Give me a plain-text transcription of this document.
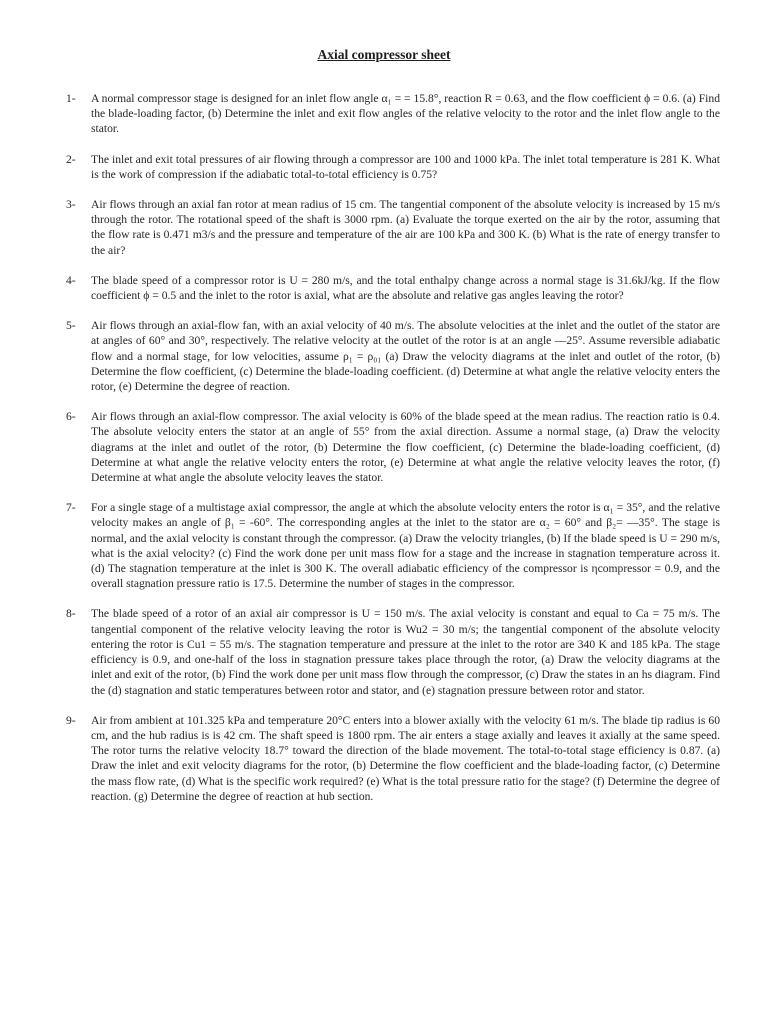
Axial compressor sheet
1- A normal compressor stage is designed for an inlet flow angle α₁ = = 15.8°, reaction R = 0.63, and the flow coefficient ϕ = 0.6. (a) Find the blade-loading factor, (b) Determine the inlet and exit flow angles of the relative velocity to the rotor and the inlet flow angle to the stator.
2- The inlet and exit total pressures of air flowing through a compressor are 100 and 1000 kPa. The inlet total temperature is 281 K. What is the work of compression if the adiabatic total-to-total efficiency is 0.75?
3- Air flows through an axial fan rotor at mean radius of 15 cm. The tangential component of the absolute velocity is increased by 15 m/s through the rotor. The rotational speed of the shaft is 3000 rpm. (a) Evaluate the torque exerted on the air by the rotor, assuming that the flow rate is 0.471 m3/s and the pressure and temperature of the air are 100 kPa and 300 K. (b) What is the rate of energy transfer to the air?
4- The blade speed of a compressor rotor is U = 280 m/s, and the total enthalpy change across a normal stage is 31.6kJ/kg. If the flow coefficient ϕ = 0.5 and the inlet to the rotor is axial, what are the absolute and relative gas angles leaving the rotor?
5- Air flows through an axial-flow fan, with an axial velocity of 40 m/s. The absolute velocities at the inlet and the outlet of the stator are at angles of 60° and 30°, respectively. The relative velocity at the outlet of the rotor is at an angle —25°. Assume reversible adiabatic flow and a normal stage, for low velocities, assume ρ₁ = ρ₀₁ (a) Draw the velocity diagrams at the inlet and outlet of the rotor, (b) Determine the flow coefficient, (c) Determine the blade-loading coefficient. (d) Determine at what angle the relative velocity enters the rotor, (e) Determine the degree of reaction.
6- Air flows through an axial-flow compressor. The axial velocity is 60% of the blade speed at the mean radius. The reaction ratio is 0.4. The absolute velocity enters the stator at an angle of 55° from the axial direction. Assume a normal stage, (a) Draw the velocity diagrams at the inlet and outlet of the rotor, (b) Determine the flow coefficient, (c) Determine the blade-loading coefficient, (d) Determine at what angle the relative velocity enters the rotor, (e) Determine at what angle the relative velocity leaves the rotor, (f) Determine at what angle the absolute velocity leaves the stator.
7- For a single stage of a multistage axial compressor, the angle at which the absolute velocity enters the rotor is α₁ = 35°, and the relative velocity makes an angle of β₁ = -60°. The corresponding angles at the inlet to the stator are α₂ = 60° and β₂= —35°. The stage is normal, and the axial velocity is constant through the compressor. (a) Draw the velocity triangles, (b) If the blade speed is U = 290 m/s, what is the axial velocity? (c) Find the work done per unit mass flow for a stage and the increase in stagnation temperature across it. (d) The stagnation temperature at the inlet is 300 K. The overall adiabatic efficiency of the compressor is ηcompressor = 0.9, and the overall stagnation pressure ratio is 17.5. Determine the number of stages in the compressor.
8- The blade speed of a rotor of an axial air compressor is U = 150 m/s. The axial velocity is constant and equal to Ca = 75 m/s. The tangential component of the relative velocity leaving the rotor is Wu2 = 30 m/s; the tangential component of the absolute velocity entering the rotor is Cu1 = 55 m/s. The stagnation temperature and pressure at the inlet to the rotor are 340 K and 185 kPa. The stage efficiency is 0.9, and one-half of the loss in stagnation pressure takes place through the rotor, (a) Draw the velocity diagrams at the inlet and exit of the rotor, (b) Find the work done per unit mass flow through the compressor, (c) Draw the states in an hs diagram. Find the (d) stagnation and static temperatures between rotor and stator, and (e) stagnation pressure between rotor and stator.
9- Air from ambient at 101.325 kPa and temperature 20°C enters into a blower axially with the velocity 61 m/s. The blade tip radius is 60 cm, and the hub radius is is 42 cm. The shaft speed is 1800 rpm. The air enters a stage axially and leaves it axially at the same speed. The rotor turns the relative velocity 18.7° toward the direction of the blade movement. The total-to-total stage efficiency is 0.87. (a) Draw the inlet and exit velocity diagrams for the rotor, (b) Determine the flow coefficient and the blade-loading factor, (c) Determine the mass flow rate, (d) What is the specific work required? (e) What is the total pressure ratio for the stage? (f) Determine the degree of reaction. (g) Determine the degree of reaction at hub section.
